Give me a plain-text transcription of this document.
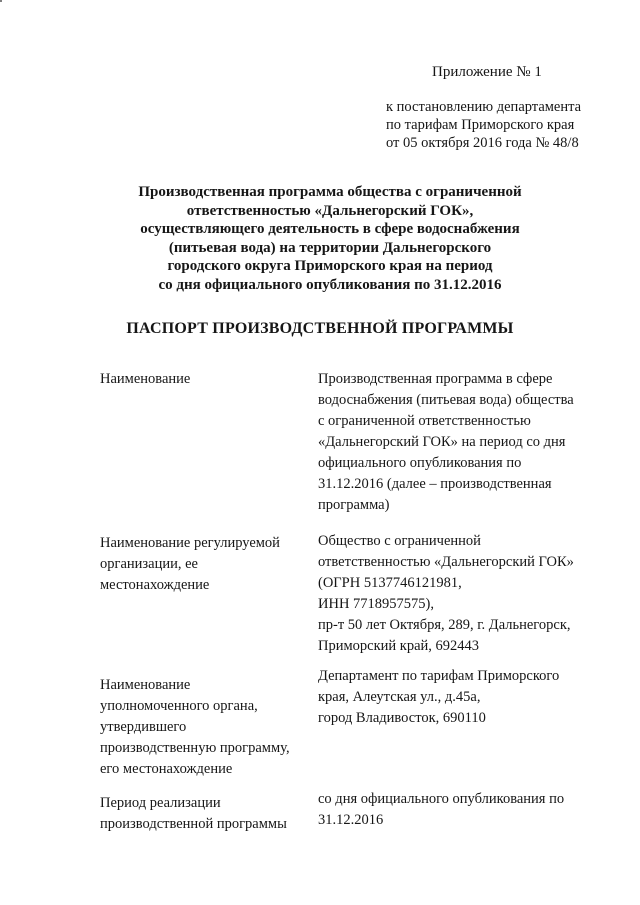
Приложение № 1
к постановлению департамента
по тарифам Приморского края
от 05 октября 2016 года № 48/8
Производственная программа общества с ограниченной
ответственностью «Дальнегорский ГОК»,
осуществляющего деятельность в сфере водоснабжения
(питьевая вода) на территории Дальнегорского
городского округа Приморского края на период
со дня официального опубликования по 31.12.2016
ПАСПОРТ ПРОИЗВОДСТВЕННОЙ ПРОГРАММЫ
Наименование	Производственная программа в сфере
водоснабжения (питьевая вода) общества
с ограниченной ответственностью
«Дальнегорский ГОК» на период со дня
официального опубликования по
31.12.2016 (далее – производственная
программа)
Наименование регулируемой
организации, ее
местонахождение
Общество с ограниченной
ответственностью «Дальнегорский ГОК»
(ОГРН 5137746121981,
ИНН 7718957575),
пр-т 50 лет Октября, 289, г. Дальнегорск,
Приморский край, 692443
Наименование
уполномоченного органа,
утвердившего
производственную программу,
его местонахождение
Департамент по тарифам Приморского
края, Алеутская ул., д.45а,
город Владивосток, 690110
Период реализации
производственной программы
со дня официального опубликования по
31.12.2016
